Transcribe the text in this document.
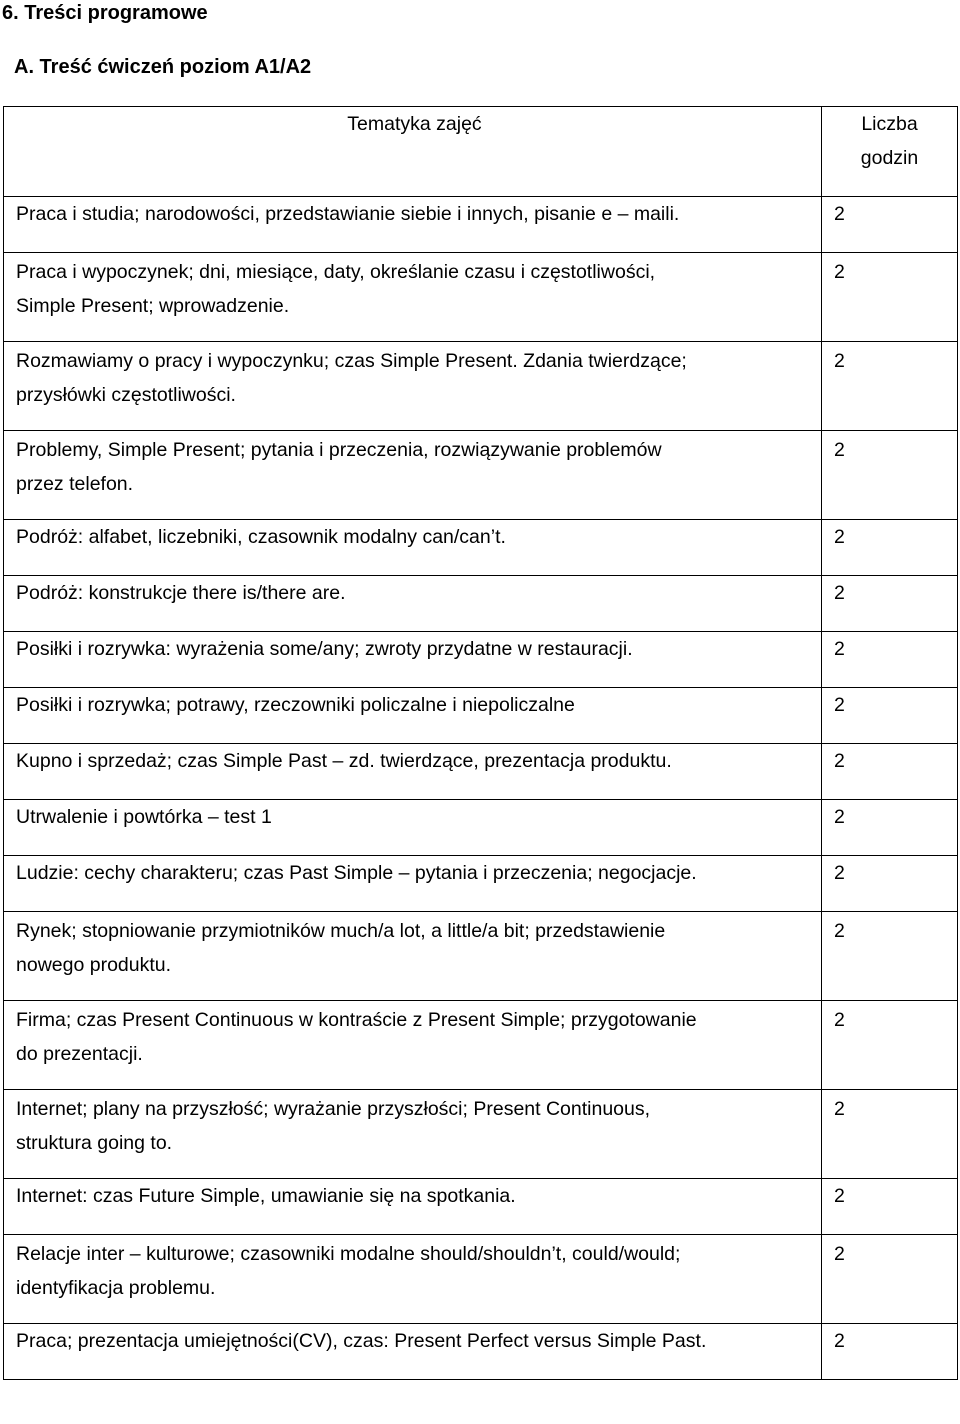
6. Treści programowe
A. Treść ćwiczeń poziom A1/A2
Tematyka zajęć	Liczba
godzin
Praca i studia; narodowości, przedstawianie siebie i innych, pisanie e – maili.	2
Praca i wypoczynek; dni, miesiące, daty, określanie czasu i częstotliwości,
Simple Present; wprowadzenie.	2
Rozmawiamy o pracy i wypoczynku; czas Simple Present. Zdania twierdzące;
przysłówki częstotliwości.	2
Problemy, Simple Present; pytania i przeczenia, rozwiązywanie problemów
przez telefon.	2
Podróż: alfabet, liczebniki, czasownik modalny can/can’t.	2
Podróż: konstrukcje there is/there are.	2
Posiłki i rozrywka: wyrażenia some/any; zwroty przydatne w restauracji.	2
Posiłki i rozrywka; potrawy, rzeczowniki policzalne i niepoliczalne	2
Kupno i sprzedaż; czas Simple Past – zd. twierdzące, prezentacja produktu.	2
Utrwalenie i powtórka – test 1	2
Ludzie: cechy charakteru; czas Past Simple – pytania i przeczenia; negocjacje.	2
Rynek; stopniowanie przymiotników much/a lot, a little/a bit; przedstawienie
nowego produktu.	2
Firma; czas Present Continuous w kontraście z Present Simple; przygotowanie
do prezentacji.	2
Internet; plany na przyszłość; wyrażanie przyszłości; Present Continuous,
struktura going to.	2
Internet: czas Future Simple, umawianie się na spotkania.	2
Relacje inter – kulturowe; czasowniki modalne should/shouldn’t, could/would;
identyfikacja problemu.	2
Praca; prezentacja umiejętności(CV), czas: Present Perfect versus Simple Past.	2
